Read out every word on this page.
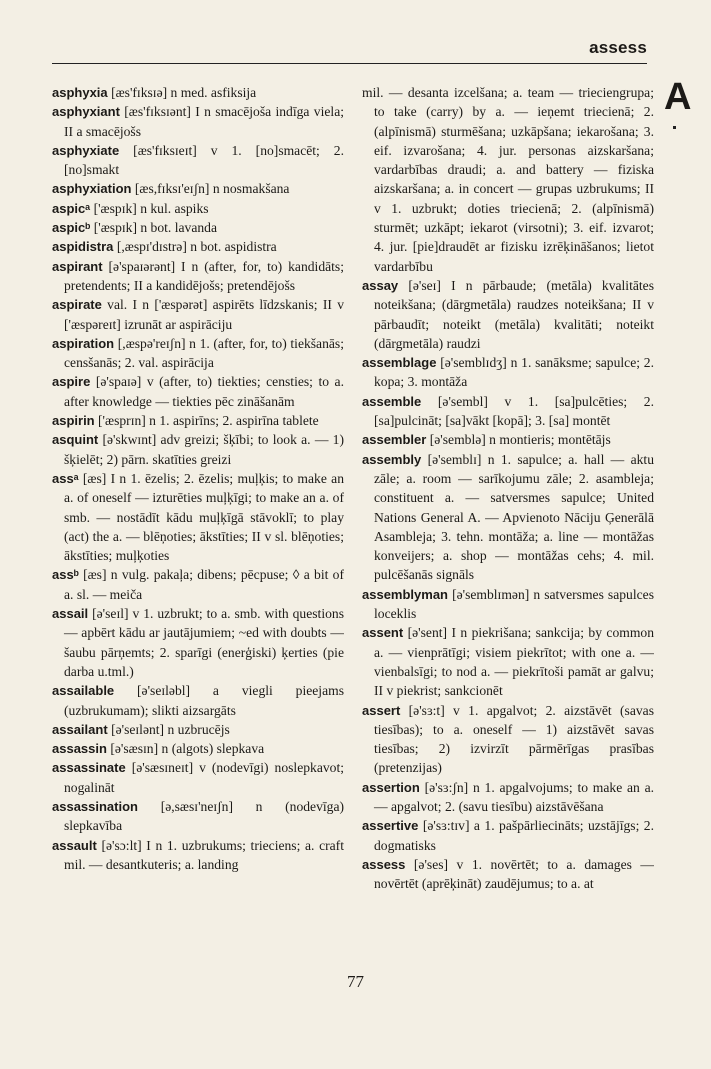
assess
A

asphyxia [æs'fɪksɪə] n med. asfiksija

asphyxiant [æs'fɪksɪənt] I n smacējoša indīga viela; II a smacējošs

asphyxiate [æs'fɪksɪeɪt] v 1. [no]smacēt; 2. [no]smakt

asphyxiation [æs,fɪksɪ'eɪʃn] n nosmakšana

aspicᵃ ['æspɪk] n kul. aspiks

aspicᵇ ['æspɪk] n bot. lavanda

aspidistra [,æspɪ'dɪstrə] n bot. aspidistra

aspirant [ə'spaɪərənt] I n (after, for, to) kandidāts; pretendents; II a kandidējošs; pretendējošs

aspirate val. I n ['æspərət] aspirēts līdzskanis; II v ['æspəreɪt] izrunāt ar aspirāciju

aspiration [,æspə'reɪʃn] n 1. (after, for, to) tiekšanās; censšanās; 2. val. aspirācija

aspire [ə'spaɪə] v (after, to) tiekties; censties; to a. after knowledge — tiekties pēc zināšanām

aspirin ['æsprɪn] n 1. aspirīns; 2. aspirīna tablete

asquint [ə'skwɪnt] adv greizi; šķībi; to look a. — 1) šķielēt; 2) pārn. skatīties greizi

assᵃ [æs] I n 1. ēzelis; 2. ēzelis; muļķis; to make an a. of oneself — izturēties muļķīgi; to make an a. of smb. — nostādīt kādu muļķīgā stāvoklī; to play (act) the a. — blēņoties; ākstīties; II v sl. blēņoties; ākstīties; muļķoties

assᵇ [æs] n vulg. pakaļa; dibens; pēcpuse; ◊ a bit of a. sl. — meiča

assail [ə'seɪl] v 1. uzbrukt; to a. smb. with questions — apbērt kādu ar jautājumiem; ~ed with doubts — šaubu pārņemts; 2. sparīgi (enerģiski) ķerties (pie darba u.tml.)

assailable [ə'seɪləbl] a viegli pieejams (uzbrukumam); slikti aizsargāts

assailant [ə'seɪlənt] n uzbrucējs

assassin [ə'sæsɪn] n (algots) slepkava

assassinate [ə'sæsɪneɪt] v (nodevīgi) noslepkavot; nogalināt

assassination [ə,sæsɪ'neɪʃn] n (nodevīga) slepkavība

assault [ə'sɔ:lt] I n 1. uzbrukums; trieciens; a. craft mil. — desantkuteris; a. landing

mil. — desanta izcelšana; a. team — trieciengrupa; to take (carry) by a. — ieņemt triecienā; 2. (alpīnismā) sturmēšana; uzkāpšana; iekarošana; 3. eif. izvarošana; 4. jur. personas aizskaršana; vardarbības draudi; a. and battery — fiziska aizskaršana; a. in concert — grupas uzbrukums; II v 1. uzbrukt; doties triecienā; 2. (alpīnismā) sturmēt; uzkāpt; iekarot (virsotni); 3. eif. izvarot; 4. jur. [pie]draudēt ar fizisku izrēķināšanos; lietot vardarbību

assay [ə'seɪ] I n pārbaude; (metāla) kvalitātes noteikšana; (dārgmetāla) raudzes noteikšana; II v pārbaudīt; noteikt (metāla) kvalitāti; noteikt (dārgmetāla) raudzi

assemblage [ə'semblɪdʒ] n 1. sanāksme; sapulce; 2. kopa; 3. montāža

assemble [ə'sembl] v 1. [sa]pulcēties; 2. [sa]pulcināt; [sa]vākt [kopā]; 3. [sa] montēt

assembler [ə'semblə] n montieris; montētājs

assembly [ə'semblɪ] n 1. sapulce; a. hall — aktu zāle; a. room — sarīkojumu zāle; 2. asambleja; constituent a. — satversmes sapulce; United Nations General A. — Apvienoto Nāciju Ģenerālā Asambleja; 3. tehn. montāža; a. line — montāžas konveijers; a. shop — montāžas cehs; 4. mil. pulcēšanās signāls

assemblyman [ə'semblɪmən] n satversmes sapulces loceklis

assent [ə'sent] I n piekrišana; sankcija; by common a. — vienprātīgi; visiem piekrītot; with one a. — vienbalsīgi; to nod a. — piekrītoši pamāt ar galvu; II v piekrist; sankcionēt

assert [ə'sɜ:t] v 1. apgalvot; 2. aizstāvēt (savas tiesības); to a. oneself — 1) aizstāvēt savas tiesības; 2) izvirzīt pārmērīgas prasības (pretenzijas)

assertion [ə'sɜ:ʃn] n 1. apgalvojums; to make an a. — apgalvot; 2. (savu tiesību) aizstāvēšana

assertive [ə'sɜ:tɪv] a 1. pašpārliecināts; uzstājīgs; 2. dogmatisks

assess [ə'ses] v 1. novērtēt; to a. damages — novērtēt (aprēķināt) zaudējumus; to a. at

77
